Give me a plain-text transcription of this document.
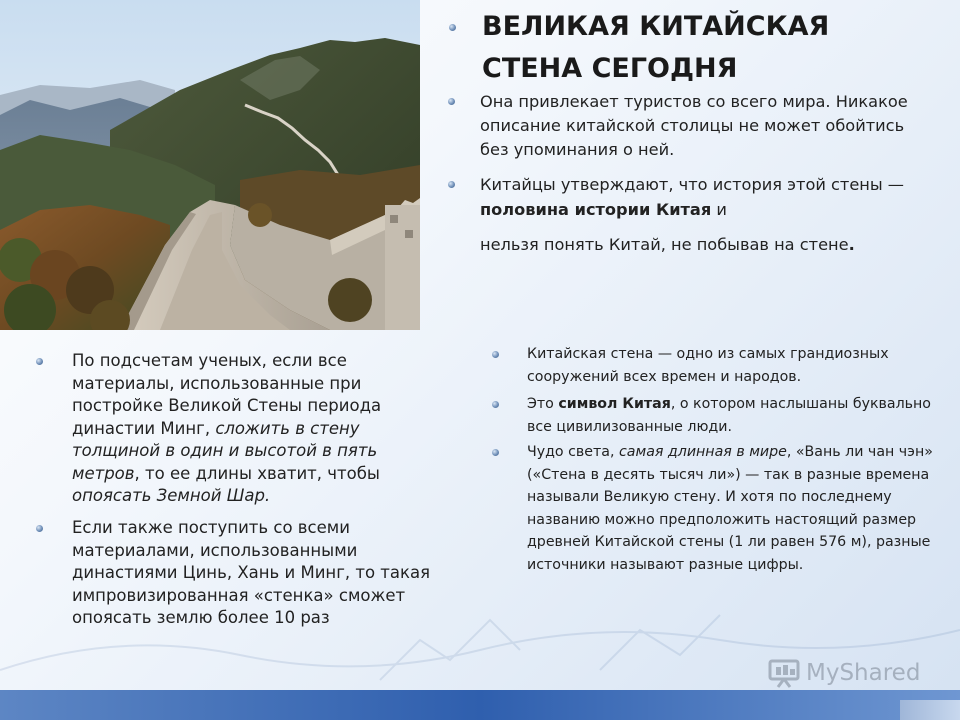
ВЕЛИКАЯ КИТАЙСКАЯ
СТЕНА СЕГОДНЯ

Она привлекает туристов со всего мира. Никакое описание китайской столицы не может обойтись без упоминания о ней.

Китайцы утверждают, что история этой стены — половина истории Китая и
нельзя понять Китай, не побывав на стене.

По подсчетам ученых, если все материалы, использованные при постройке Великой Стены периода династии Минг, сложить в стену толщиной в один и высотой в пять метров, то ее длины хватит, чтобы опоясать Земной Шар.

Если также поступить со всеми материалами, использованными династиями Цинь, Хань и Минг, то такая импровизированная «стенка» сможет опоясать землю более 10 раз

Китайская стена — одно из самых грандиозных сооружений всех времен и народов.

Это символ Китая, о котором наслышаны буквально все цивилизованные люди.

Чудо света, самая длинная в мире, «Вань ли чан чэн» («Стена в десять тысяч ли») — так в разные времена называли Великую стену. И хотя по последнему названию можно предположить настоящий размер древней Китайской стены (1 ли равен 576 м), разные источники называют разные цифры.

MyShared
